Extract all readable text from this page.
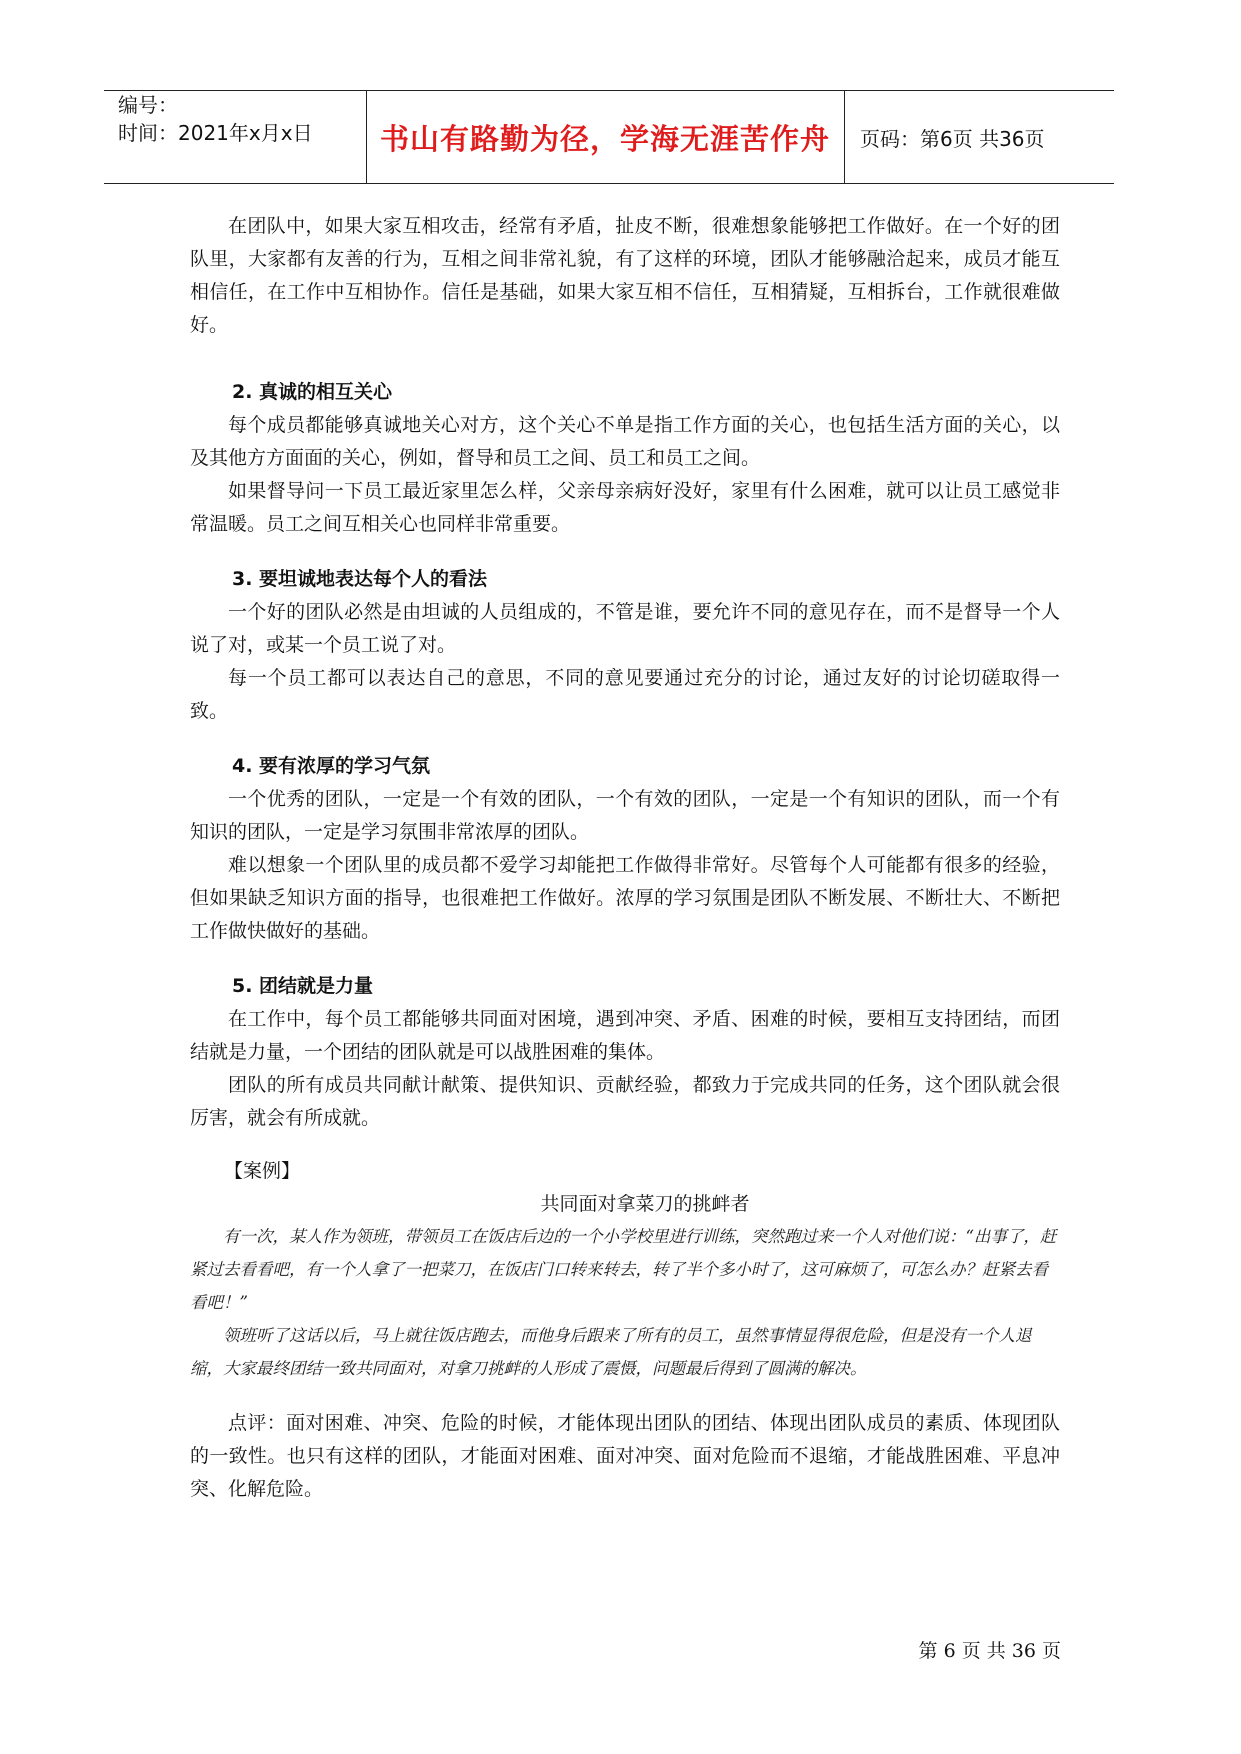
编号：
时间：2021年x月x日	书山有路勤为径，学海无涯苦作舟	页码：第6页 共36页

在团队中，如果大家互相攻击，经常有矛盾，扯皮不断，很难想象能够把工作做好。在一个好的团队里，大家都有友善的行为，互相之间非常礼貌，有了这样的环境，团队才能够融洽起来，成员才能互相信任，在工作中互相协作。信任是基础，如果大家互相不信任，互相猜疑，互相拆台，工作就很难做好。

2. 真诚的相互关心

每个成员都能够真诚地关心对方，这个关心不单是指工作方面的关心，也包括生活方面的关心，以及其他方方面面的关心，例如，督导和员工之间、员工和员工之间。

如果督导问一下员工最近家里怎么样，父亲母亲病好没好，家里有什么困难，就可以让员工感觉非常温暖。员工之间互相关心也同样非常重要。

3. 要坦诚地表达每个人的看法

一个好的团队必然是由坦诚的人员组成的，不管是谁，要允许不同的意见存在，而不是督导一个人说了对，或某一个员工说了对。

每一个员工都可以表达自己的意思，不同的意见要通过充分的讨论，通过友好的讨论切磋取得一致。

4. 要有浓厚的学习气氛

一个优秀的团队，一定是一个有效的团队，一个有效的团队，一定是一个有知识的团队，而一个有知识的团队，一定是学习氛围非常浓厚的团队。

难以想象一个团队里的成员都不爱学习却能把工作做得非常好。尽管每个人可能都有很多的经验，但如果缺乏知识方面的指导，也很难把工作做好。浓厚的学习氛围是团队不断发展、不断壮大、不断把工作做快做好的基础。

5. 团结就是力量

在工作中，每个员工都能够共同面对困境，遇到冲突、矛盾、困难的时候，要相互支持团结，而团结就是力量，一个团结的团队就是可以战胜困难的集体。

团队的所有成员共同献计献策、提供知识、贡献经验，都致力于完成共同的任务，这个团队就会很厉害，就会有所成就。

【案例】
共同面对拿菜刀的挑衅者

有一次，某人作为领班，带领员工在饭店后边的一个小学校里进行训练，突然跑过来一个人对他们说：“出事了，赶紧过去看看吧，有一个人拿了一把菜刀，在饭店门口转来转去，转了半个多小时了，这可麻烦了，可怎么办？赶紧去看看吧！”

领班听了这话以后，马上就往饭店跑去，而他身后跟来了所有的员工，虽然事情显得很危险，但是没有一个人退缩，大家最终团结一致共同面对，对拿刀挑衅的人形成了震慑，问题最后得到了圆满的解决。

点评：面对困难、冲突、危险的时候，才能体现出团队的团结、体现出团队成员的素质、体现团队的一致性。也只有这样的团队，才能面对困难、面对冲突、面对危险而不退缩，才能战胜困难、平息冲突、化解危险。

第 6 页 共 36 页
